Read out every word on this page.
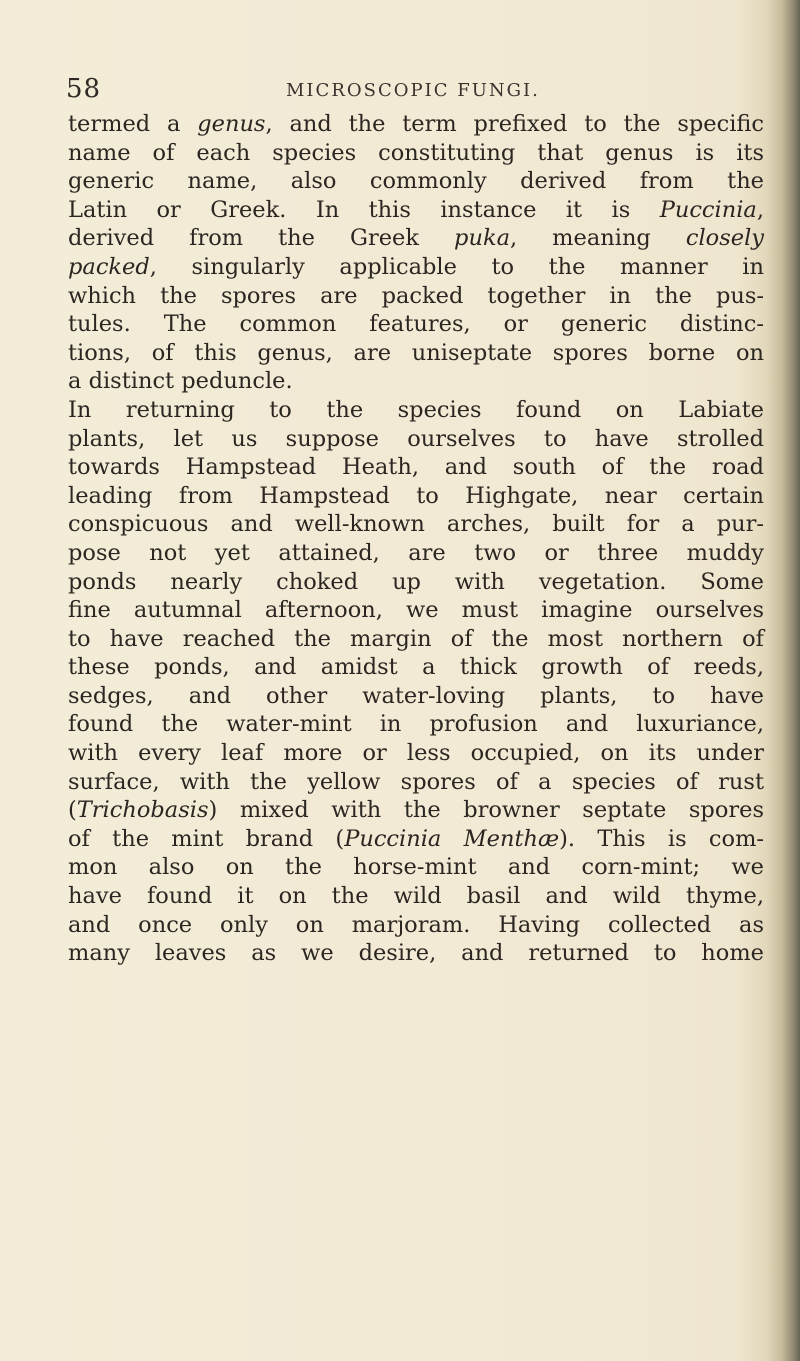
58	MICROSCOPIC FUNGI.
termed a genus, and the term prefixed to the specific
name of each species constituting that genus is its
generic name, also commonly derived from the
Latin or Greek. In this instance it is Puccinia,
derived from the Greek puka, meaning closely
packed, singularly applicable to the manner in
which the spores are packed together in the pus-
tules. The common features, or generic distinc-
tions, of this genus, are uniseptate spores borne on
a distinct peduncle.
In returning to the species found on Labiate
plants, let us suppose ourselves to have strolled
towards Hampstead Heath, and south of the road
leading from Hampstead to Highgate, near certain
conspicuous and well-known arches, built for a pur-
pose not yet attained, are two or three muddy
ponds nearly choked up with vegetation. Some
fine autumnal afternoon, we must imagine ourselves
to have reached the margin of the most northern of
these ponds, and amidst a thick growth of reeds,
sedges, and other water-loving plants, to have
found the water-mint in profusion and luxuriance,
with every leaf more or less occupied, on its under
surface, with the yellow spores of a species of rust
(Trichobasis) mixed with the browner septate spores
of the mint brand (Puccinia Menthæ). This is com-
mon also on the horse-mint and corn-mint; we
have found it on the wild basil and wild thyme,
and once only on marjoram. Having collected as
many leaves as we desire, and returned to home
